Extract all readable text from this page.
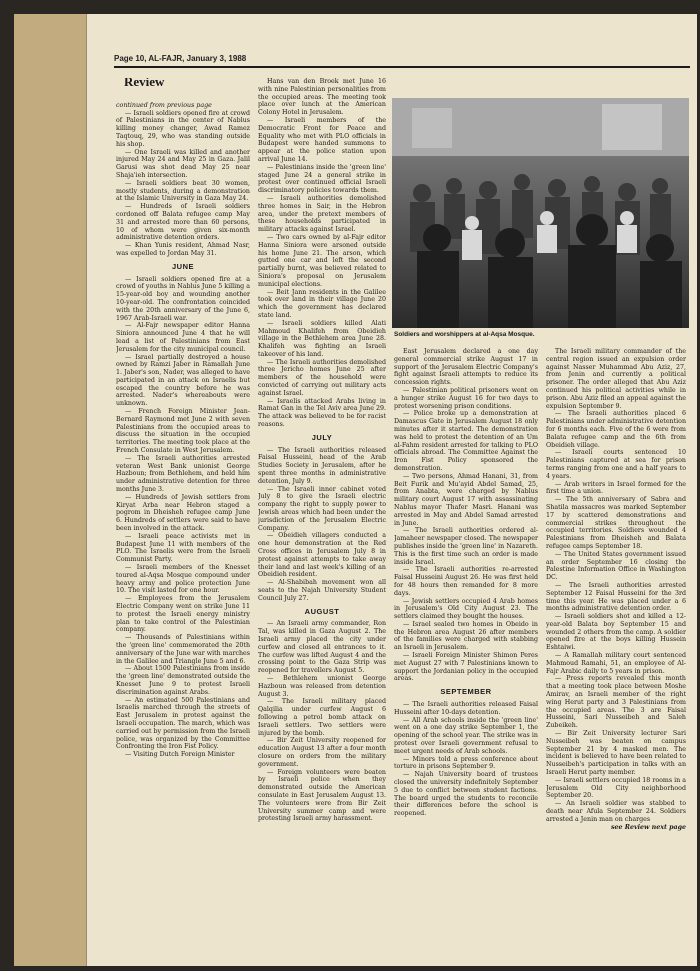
Page 10, AL-FAJR, January 3, 1988
Review

continued from previous page

— Israeli soldiers opened fire at crowd of Palestinians in the center of Nablus killing money changer, Awad Ramez Taqtouq, 29, who was standing outside his shop.

— One Israeli was killed and another injured May 24 and May 25 in Gaza. Jalil Garusi was shot dead May 25 near Shaja'ieh intersection.

— Israeli soldiers beat 30 women, mostly students, during a demonstration at the Islamic University in Gaza May 24.

— Hundreds of Israeli soldiers cordoned off Balata refugee camp May 31 and arrested more than 60 persons, 10 of whom were given six-month administrative detention orders.

— Khan Yunis resident, Ahmad Nasr, was expelled to Jordan May 31.

JUNE

— Israeli soldiers opened fire at a crowd of youths in Nablus June 5 killing a 15-year-old boy and wounding another 10-year-old. The confrontation coincided with the 20th anniversary of the June 6, 1967 Arab-Israeli war.

— Al-Fajr newspaper editor Hanna Siniora announced June 4 that he will lead a list of Palestinians from East Jerusalem for the city municipal council.

— Israel partially destroyed a house owned by Ramzi Jaber in Ramallah June 1. Jaber's son, Nader, was alleged to have participated in an attack on Israelis but escaped the country before he was arrested. Nader's whereabouts were unknown.

— French Foreign Minister Jean-Bernard Raymond met June 2 with seven Palestinians from the occupied areas to discuss the situation in the occupied territories. The meeting took place at the French Consulate in West Jerusalem.

— The Israeli authorities arrested veteran West Bank unionist George Hazboun; from Bethlehem, and held him under administrative detention for three months June 3.

— Hundreds of Jewish settlers from Kiryat Arba near Hebron staged a pogrom in Dheisheh refugee camp June 6. Hundreds of settlers were said to have been involved in the attack.

— Israeli peace activists met in Budapest June 11 with members of the PLO. The Israelis were from the Israeli Communist Party.

— Israeli members of the Knesset toured al-Aqsa Mosque compound under heavy army and police protection June 10. The visit lasted for one hour.

— Employees from the Jerusalem Electric Company went on strike June 11 to protest the Israeli energy ministry plan to take control of the Palestinian company.

— Thousands of Palestinians within the 'green line' commemorated the 20th anniversary of the June war with marches in the Galilee and Triangle June 5 and 6.

— About 1500 Palestinians from inside the 'green line' demonstrated outside the Knesset June 9 to protest Israeli discrimination against Arabs.

— An estimated 500 Palestinians and Israelis marched through the streets of East Jerusalem in protest against the Israeli occupation. The march, which was carried out by permission from the Israeli police, was organized by the Committee Confronting the Iron Fist Policy.

— Visiting Dutch Foreign Minister

Hans van den Broek met June 16 with nine Palestinian personalities from the occupied areas. The meeting took place over lunch at the American Colony Hotel in Jerusalem.

— Israeli members of the Democratic Front for Peace and Equality who met with PLO officials in Budapest were handed summons to appear at the police station upon arrival June 14.

— Palestinians inside the 'green line' staged June 24 a general strike in protest over continued official Israeli discriminatory policies towards them.

— Israeli authorities demolished three homes in Sair, in the Hebron area, under the pretext members of these households participated in military attacks against Israel.

— Two cars owned by al-Fajr editor Hanna Siniora were arsoned outside his home June 21. The arson, which gutted one car and left the second partially burnt, was believed related to Siniora's proposal on Jerusalem municipal elections.

— Beit Jann residents in the Galilee took over land in their village June 20 which the government has declared state land.

— Israeli soldiers killed Alati Mahmoud Khalifeh from Obeidieh village in the Bethlehem area June 28. Khalifeh was fighting an Israeli takeover of his land.

— The Israeli authorities demolished three Jericho homes June 25 after members of the household were convicted of carrying out military acts against Israel.

— Israelis attacked Arabs living in Ramat Gan in the Tel Aviv area June 29. The attack was believed to be for racist reasons.

JULY

— The Israeli authorities released Faisal Husseini, head of the Arab Studies Society in Jerusalem, after he spent three months in administrative detention, July 9.

— The Israeli inner cabinet voted July 8 to give the Israeli electric company the right to supply power to Jewish areas which had been under the jurisdiction of the Jerusalem Electric Company.

— Obeidieh villagers conducted a one hour demonstration at the Red Cross offices in Jerusalem July 8 in protest against attempts to take away their land and last week's killing of an Obeidieh resident.

— Al-Shabibah movement won all seats to the Najah University Student Council July 27.

AUGUST

— An Israeli army commander, Ron Tal, was killed in Gaza August 2. The Israeli army placed the city under curfew and closed all entrances to it. The curfew was lifted August 4 and the crossing point to the Gaza Strip was reopened for travellers August 5.

— Bethlehem unionist George Hazboun was released from detention August 3.

— The Israeli military placed Qalqilia under curfew August 6 following a petrol bomb attack on Israeli settlers. Two settlers were injured by the bomb.

— Bir Zeit University reopened for education August 13 after a four month closure on orders from the military government.

— Foreign volunteers were beaten by Israeli police when they demonstrated outside the American consulate in East Jerusalem August 13. The volunteers were from Bir Zeit University summer camp and were protesting Israeli army harassment.

Soldiers and worshippers at al-Aqsa Mosque.

East Jerusalem declared a one day general commercial strike August 17 in support of the Jerusalem Electric Company's fight against Israeli attempts to reduce its concession rights.

— Palestinian political prisoners went on a hunger strike August 16 for two days to protest worsening prison conditions.

— Police broke up a demonstration at Damascus Gate in Jerusalem August 18 only minutes after it started. The demonstration was held to protest the detention of an Um al-Fahm resident arrested for talking to PLO officials abroad. The Committee Against the Iron Fist Policy sponsored the demonstration.

— Two persons, Ahmad Hanani, 31, from Beit Furik and Mu'ayid Abdel Samad, 25, from Anabta, were charged by Nablus military court August 17 with assassinating Nablus mayor Thafer Masri. Hanani was arrested in May and Abdel Samad arrested in June.

— The Israeli authorities ordered al-Jamaheer newspaper closed. The newspaper publishes inside the 'green line' in Nazareth. This is the first time such an order is made inside Israel.

— The Israeli authorities re-arrested Faisal Husseini August 26. He was first held for 48 hours then remanded for 8 more days.

— Jewish settlers occupied 4 Arab homes in Jerusalem's Old City August 23. The settlers claimed they bought the houses.

— Israel sealed two homes in Obeido in the Hebron area August 26 after members of the families were charged with stabbing an Israeli in Jerusalem.

— Israeli Foreign Minister Shimon Peres met August 27 with 7 Palestinians known to support the Jordanian policy in the occupied areas.

SEPTEMBER

— The Israeli authorities released Faisal Husseini after 10-days detention.

— All Arab schools inside the 'green line' went on a one day strike September 1, the opening of the school year. The strike was in protest over Israeli government refusal to meet urgent needs of Arab schools.

— Minors told a press conference about torture in prisons September 9.

— Najah University board of trustees closed the university indefinitely September 5 due to conflict between student factions. The board urged the students to reconcile their differences before the school is reopened.

The Israeli military commander of the central region issued an expulsion order against Nasser Muhammad Abu Aziz, 27, from Jenin and currently a political prisoner. The order alleged that Abu Aziz continued his political activities while in prison. Abu Aziz filed an appeal against the expulsion September 9.

— The Israeli authorities placed 6 Palestinians under administrative detention for 6 months each. Five of the 6 were from Balata refugee camp and the 6th from Obeidieh village.

— Israeli courts sentenced 10 Palestinians captured at sea for prison terms ranging from one and a half years to 4 years.

— Arab writers in Israel formed for the first time a union.

— The 5th anniversary of Sabra and Shatila massacres was marked September 17 by scattered demonstrations and commercial strikes throughout the occupied territories. Soldiers wounded 4 Palestinians from Dheisheh and Balata refugee camps September 18.

— The United States government issued an order September 16 closing the Palestine Information Office in Washington DC.

— The Israeli authorities arrested September 12 Faisal Husseini for the 3rd time this year. He was placed under a 6 months administrative detention order.

— Israeli soldiers shot and killed a 12-year-old Balata boy September 15 and wounded 2 others from the camp. A soldier opened fire at the boys killing Hussein Eshtaiwi.

— A Ramallah military court sentenced Mahmoud Ramahi, 51, an employee of Al-Fajr Arabic daily to 5 years in prison.

— Press reports revealed this month that a meeting took place between Moshe Amirav, an Israeli member of the right wing Herut party and 3 Palestinians from the occupied areas. The 3 are Faisal Husseini, Sari Nusseibeh and Saleh Zubeikeh.

— Bir Zeit University lecturer Sari Nusseibeh was beaten on campus September 21 by 4 masked men. The incident is believed to have been related to Nusseibeh's participation in talks with an Israeli Herut party member.

— Israeli settlers occupied 18 rooms in a Jerusalem Old City neighborhood September 20.

— An Israeli soldier was stabbed to death near Afula September 24. Soldiers arrested a Jenin man on charges

see Review next page
